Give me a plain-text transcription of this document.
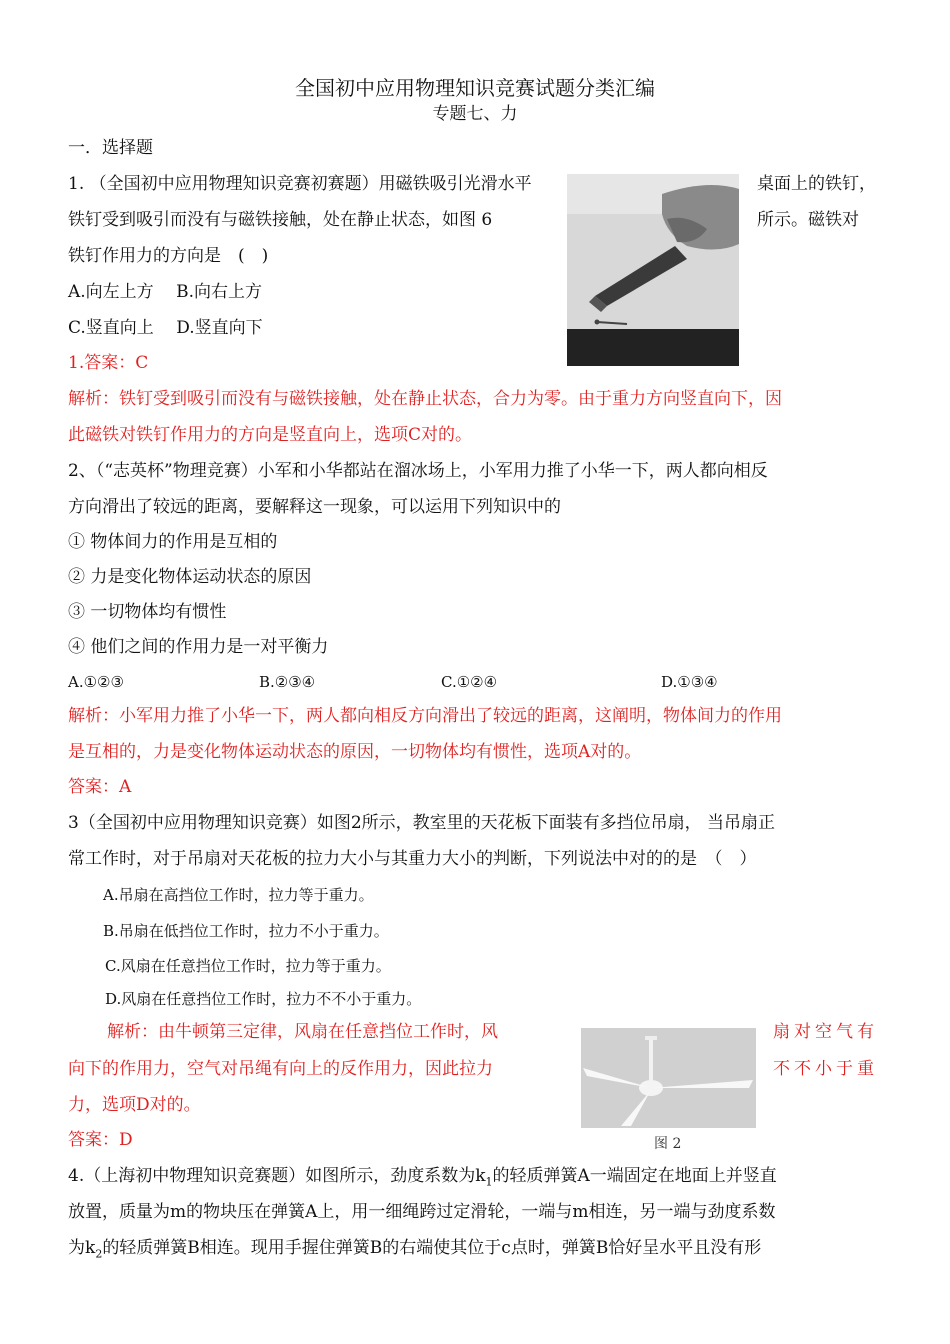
全国初中应用物理知识竞赛试题分类汇编
专题七、力
一．选择题
1. （全国初中应用物理知识竞赛初赛题）用磁铁吸引光滑水平	桌面上的铁钉，
铁钉受到吸引而没有与磁铁接触，处在静止状态，如图 6	所示。磁铁对
铁钉作用力的方向是　(　)
A.向左上方　 B.向右上方
C.竖直向上　 D.竖直向下
1.答案：C
解析：铁钉受到吸引而没有与磁铁接触，处在静止状态，合力为零。由于重力方向竖直向下，因
此磁铁对铁钉作用力的方向是竖直向上，选项C对的。
2、（“志英杯”物理竞赛）小军和小华都站在溜冰场上，小军用力推了小华一下，两人都向相反
方向滑出了较远的距离，要解释这一现象，可以运用下列知识中的
① 物体间力的作用是互相的
② 力是变化物体运动状态的原因
③ 一切物体均有惯性
④ 他们之间的作用力是一对平衡力
A.①②③	B.②③④	C.①②④	D.①③④
解析：小军用力推了小华一下，两人都向相反方向滑出了较远的距离，这阐明，物体间力的作用
是互相的，力是变化物体运动状态的原因，一切物体均有惯性，选项A对的。
答案：A
3（全国初中应用物理知识竞赛）如图2所示，教室里的天花板下面装有多挡位吊扇， 当吊扇正
常工作时，对于吊扇对天花板的拉力大小与其重力大小的判断，下列说法中对的的是　（　）
A.吊扇在高挡位工作时，拉力等于重力。
B.吊扇在低挡位工作时，拉力不小于重力。
C.风扇在任意挡位工作时，拉力等于重力。
D.风扇在任意挡位工作时，拉力不不小于重力。
解析：由牛顿第三定律，风扇在任意挡位工作时，风	扇对空气有
向下的作用力，空气对吊绳有向上的反作用力，因此拉力	不不小于重
力，选项D对的。
答案：D	图 2
4.（上海初中物理知识竞赛题）如图所示，劲度系数为$k_1$的轻质弹簧A一端固定在地面上并竖直
放置，质量为m的物块压在弹簧A上，用一细绳跨过定滑轮，一端与m相连，另一端与劲度系数
为$k_2$的轻质弹簧B相连。现用手握住弹簧B的右端使其位于c点时，弹簧B恰好呈水平且没有形
